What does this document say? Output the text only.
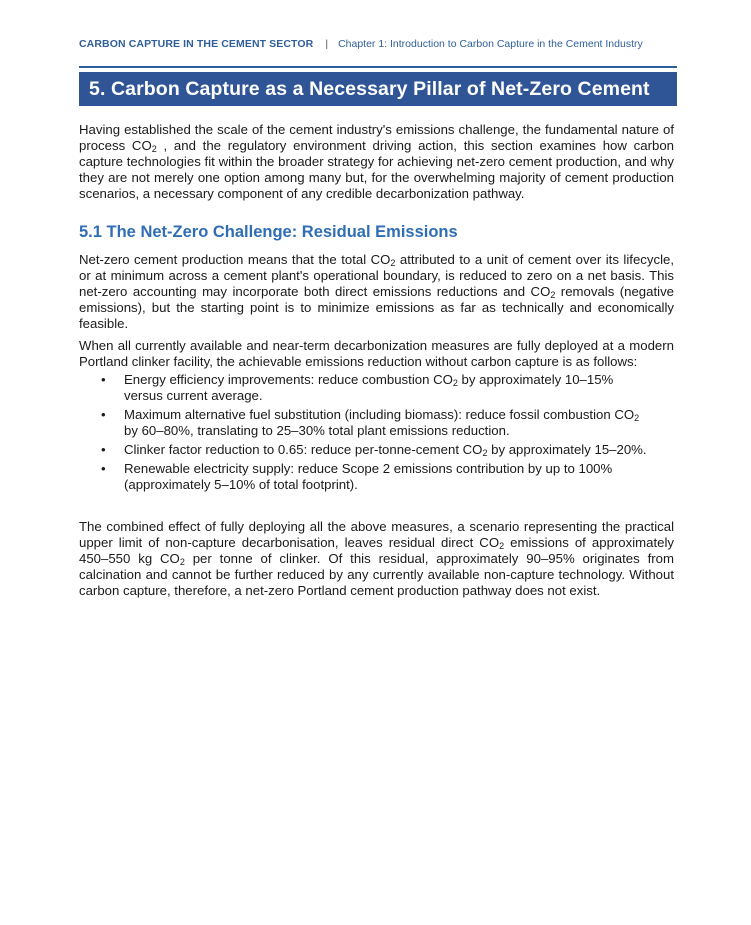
CARBON CAPTURE IN THE CEMENT SECTOR | Chapter 1: Introduction to Carbon Capture in the Cement Industry
5. Carbon Capture as a Necessary Pillar of Net-Zero Cement

Having established the scale of the cement industry's emissions challenge, the fundamental nature of process $CO_2$ , and the regulatory environment driving action, this section examines how carbon capture technologies fit within the broader strategy for achieving net-zero cement production, and why they are not merely one option among many but, for the overwhelming majority of cement production scenarios, a necessary component of any credible decarbonization pathway.

5.1 The Net-Zero Challenge: Residual Emissions

Net-zero cement production means that the total $CO_2$ attributed to a unit of cement over its lifecycle, or at minimum across a cement plant's operational boundary, is reduced to zero on a net basis. This net-zero accounting may incorporate both direct emissions reductions and $CO_2$ removals (negative emissions), but the starting point is to minimize emissions as far as technically and economically feasible.

When all currently available and near-term decarbonization measures are fully deployed at a modern Portland clinker facility, the achievable emissions reduction without carbon capture is as follows:

• Energy efficiency improvements: reduce combustion $CO_2$ by approximately 10–15% versus current average.
• Maximum alternative fuel substitution (including biomass): reduce fossil combustion $CO_2$ by 60–80%, translating to 25–30% total plant emissions reduction.
• Clinker factor reduction to 0.65: reduce per-tonne-cement $CO_2$ by approximately 15–20%.
• Renewable electricity supply: reduce Scope 2 emissions contribution by up to 100% (approximately 5–10% of total footprint).

The combined effect of fully deploying all the above measures, a scenario representing the practical upper limit of non-capture decarbonisation, leaves residual direct $CO_2$ emissions of approximately 450–550 kg $CO_2$ per tonne of clinker. Of this residual, approximately 90–95% originates from calcination and cannot be further reduced by any currently available non-capture technology. Without carbon capture, therefore, a net-zero Portland cement production pathway does not exist.
